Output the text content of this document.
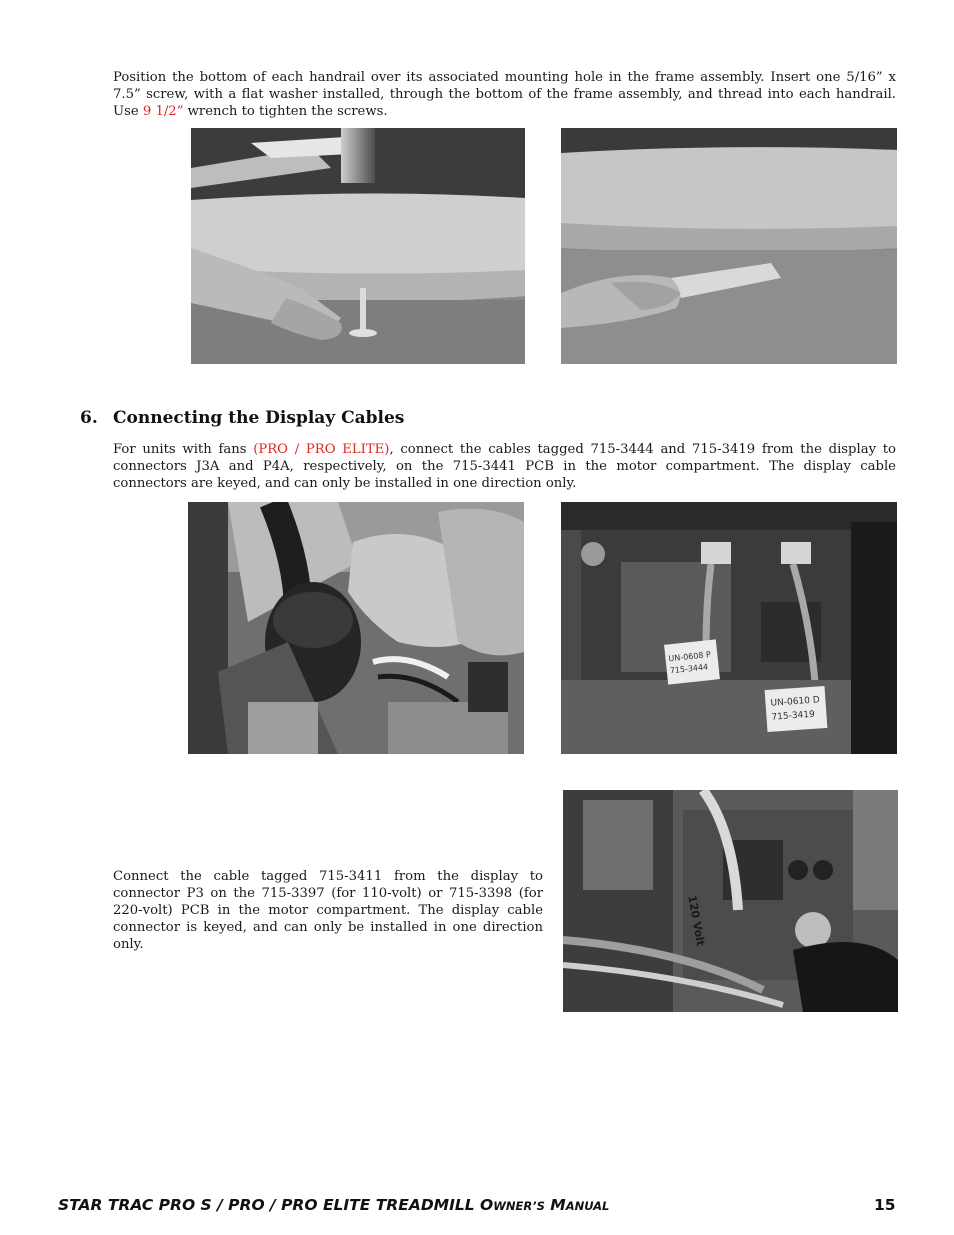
Position the bottom of each handrail over its associated mounting hole in the frame assembly. Insert one 5/16” x 7.5” screw, with a flat washer installed, through the bottom of the frame assembly, and thread into each handrail. Use 9 1/2” wrench to tighten the screws.

6. Connecting the Display Cables

For units with fans (PRO / PRO ELITE), connect the cables tagged 715-3444 and 715-3419 from the display to connectors J3A and P4A, respectively, on the 715-3441 PCB in the motor compartment. The display cable connectors are keyed, and can only be installed in one direction only.

UN-0608 P
715-3444
UN-0610 D
715-3419

Connect the cable tagged 715-3411 from the display to connector P3 on the 715-3397 (for 110-volt) or 715-3398 (for 220-volt) PCB in the motor compartment. The display cable connector is keyed, and can only be installed in one direction only.	120 Volt
STAR TRAC PRO S / PRO / PRO ELITE TREADMILL OWNER’S MANUAL	15
